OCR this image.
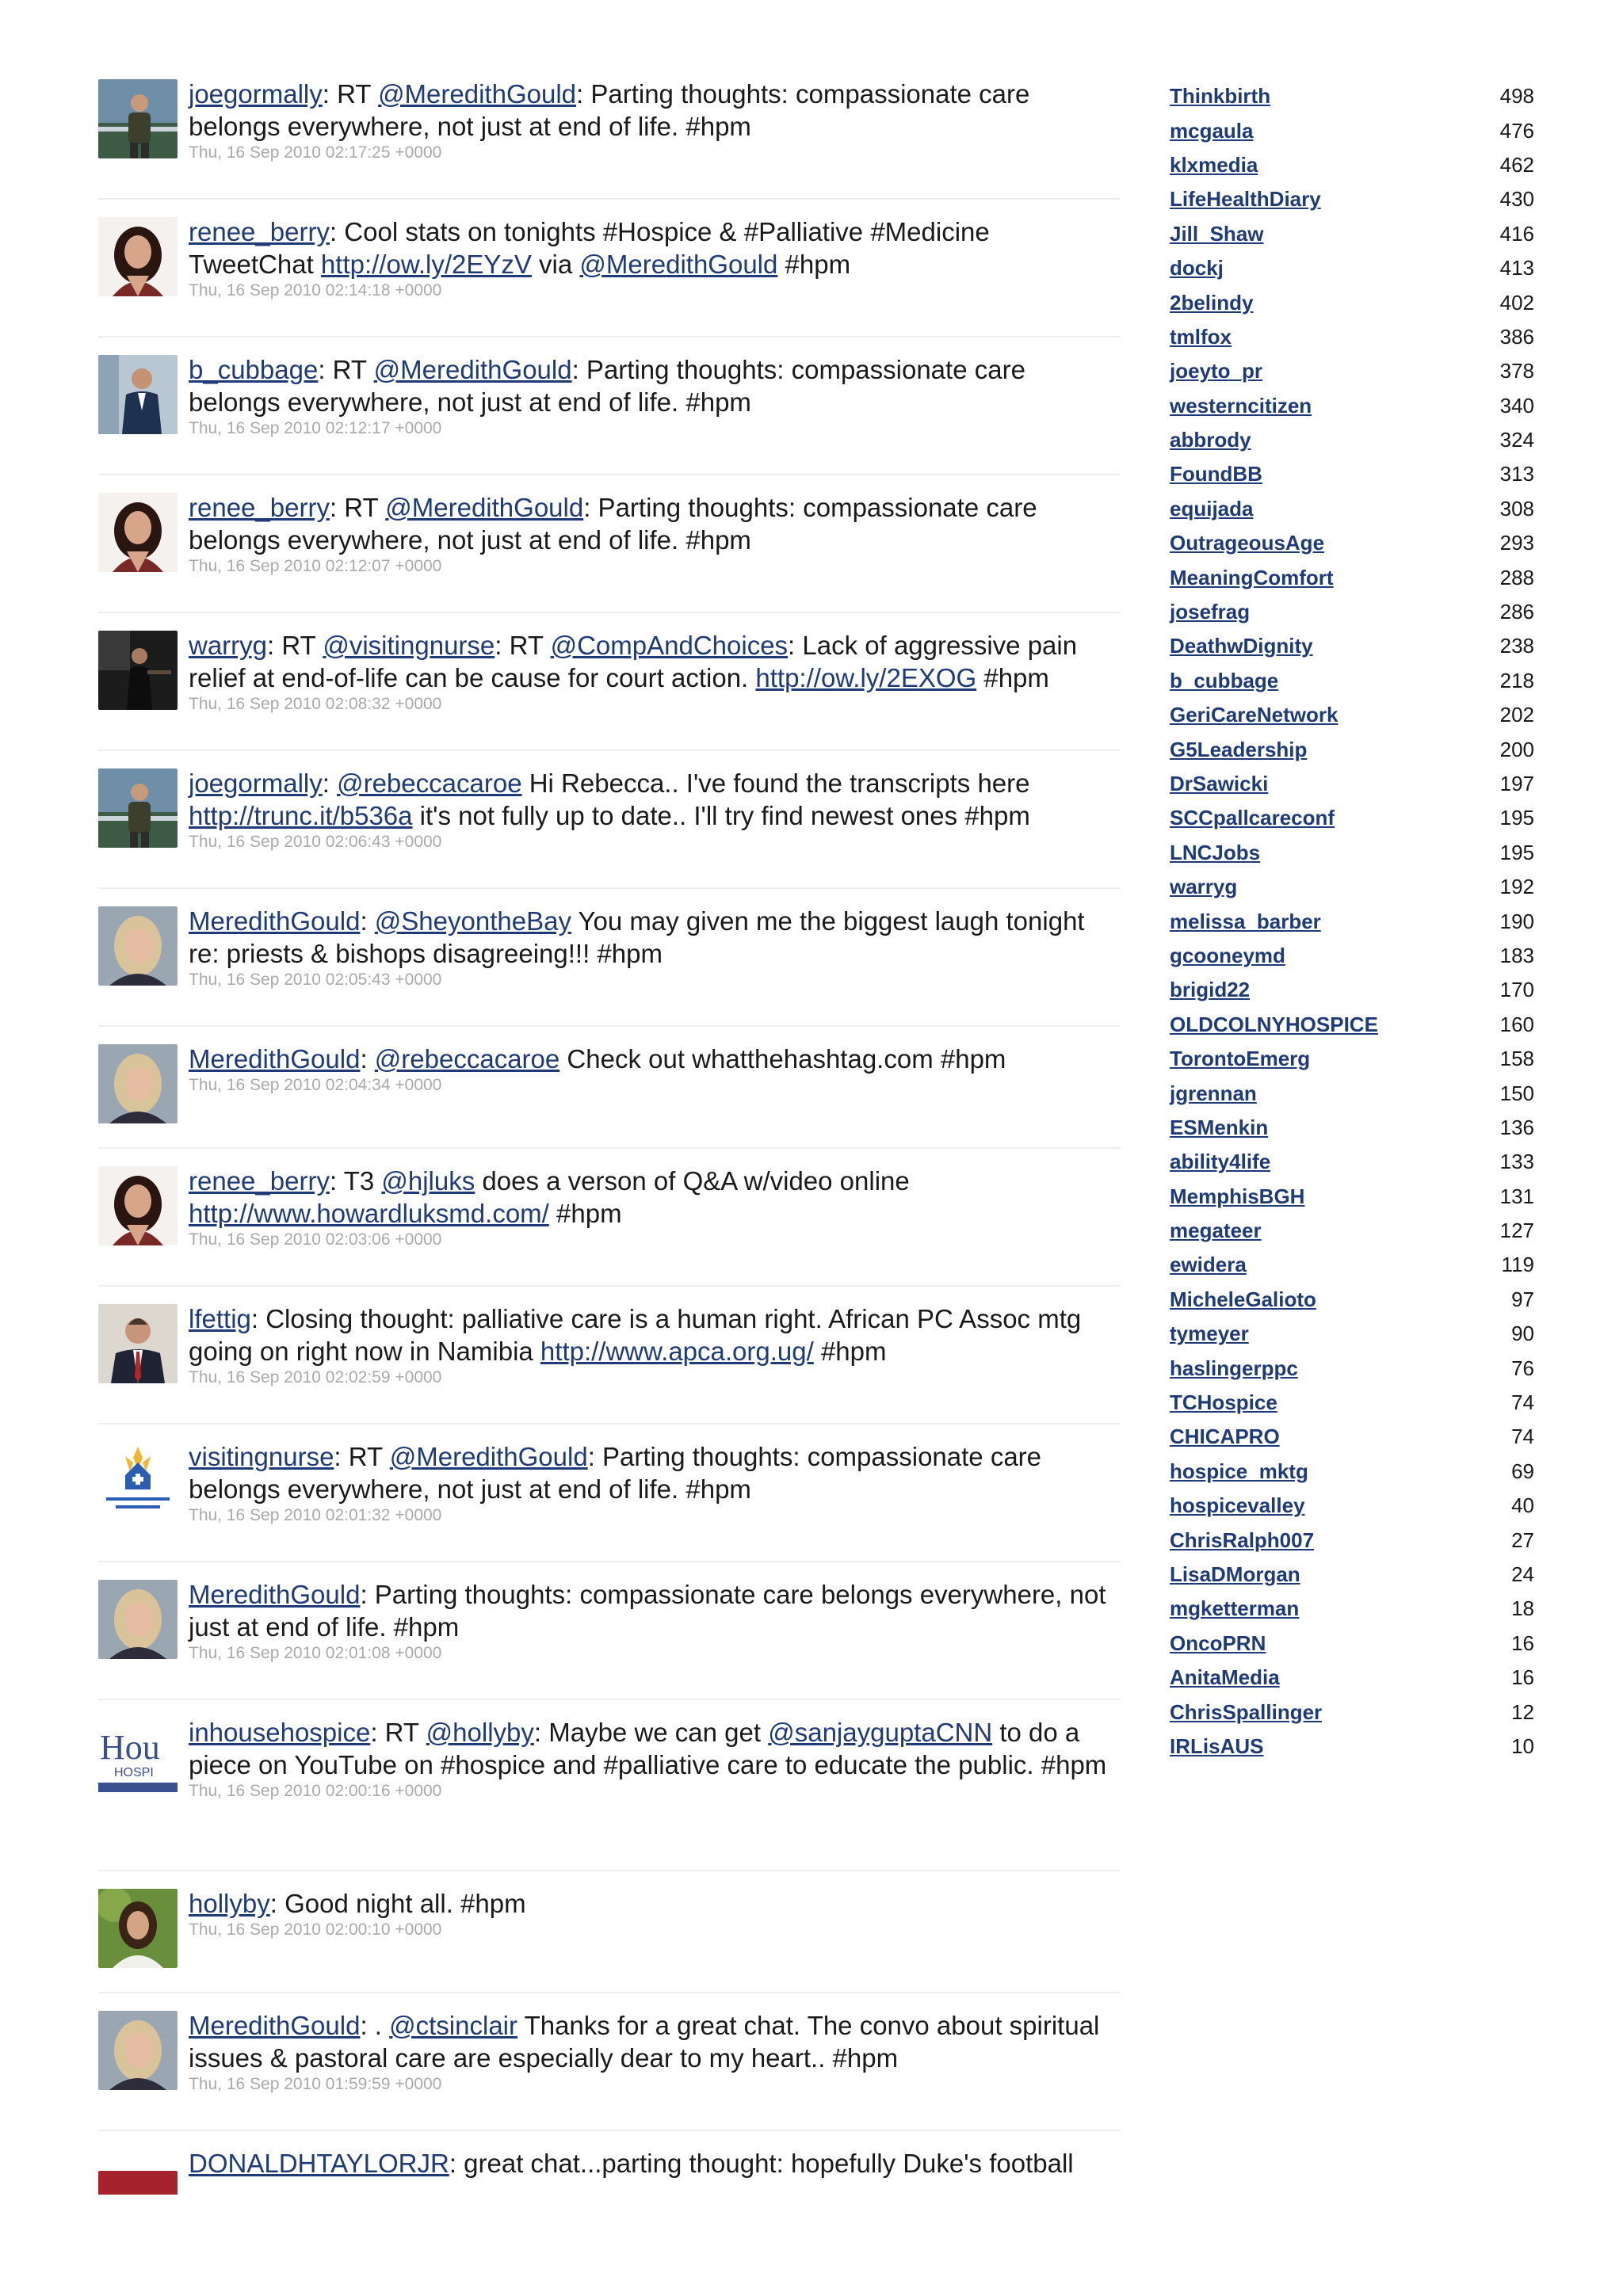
joegormally: RT @MeredithGould: Parting thoughts: compassionate care belongs everywhere, not just at end of life. #hpm
Thu, 16 Sep 2010 02:17:25 +0000
renee_berry: Cool stats on tonights #Hospice & #Palliative #Medicine TweetChat http://ow.ly/2EYzV via @MeredithGould #hpm
Thu, 16 Sep 2010 02:14:18 +0000
b_cubbage: RT @MeredithGould: Parting thoughts: compassionate care belongs everywhere, not just at end of life. #hpm
Thu, 16 Sep 2010 02:12:17 +0000
renee_berry: RT @MeredithGould: Parting thoughts: compassionate care belongs everywhere, not just at end of life. #hpm
Thu, 16 Sep 2010 02:12:07 +0000
warryg: RT @visitingnurse: RT @CompAndChoices: Lack of aggressive pain relief at end-of-life can be cause for court action. http://ow.ly/2EXOG #hpm
Thu, 16 Sep 2010 02:08:32 +0000
joegormally: @rebeccacaroe Hi Rebecca.. I've found the transcripts here http://trunc.it/b536a it's not fully up to date.. I'll try find newest ones #hpm
Thu, 16 Sep 2010 02:06:43 +0000
MeredithGould: @SheyontheBay You may given me the biggest laugh tonight re: priests & bishops disagreeing!!! #hpm
Thu, 16 Sep 2010 02:05:43 +0000
MeredithGould: @rebeccacaroe Check out whatthehashtag.com #hpm
Thu, 16 Sep 2010 02:04:34 +0000
renee_berry: T3 @hjluks does a verson of Q&A w/video online http://www.howardluksmd.com/ #hpm
Thu, 16 Sep 2010 02:03:06 +0000
lfettig: Closing thought: palliative care is a human right. African PC Assoc mtg going on right now in Namibia http://www.apca.org.ug/ #hpm
Thu, 16 Sep 2010 02:02:59 +0000
visitingnurse: RT @MeredithGould: Parting thoughts: compassionate care belongs everywhere, not just at end of life. #hpm
Thu, 16 Sep 2010 02:01:32 +0000
MeredithGould: Parting thoughts: compassionate care belongs everywhere, not just at end of life. #hpm
Thu, 16 Sep 2010 02:01:08 +0000
Hou
HOSPI
inhousehospice: RT @hollyby: Maybe we can get @sanjayguptaCNN to do a piece on YouTube on #hospice and #palliative care to educate the public. #hpm
Thu, 16 Sep 2010 02:00:16 +0000
hollyby: Good night all. #hpm
Thu, 16 Sep 2010 02:00:10 +0000
MeredithGould: . @ctsinclair Thanks for a great chat. The convo about spiritual issues & pastoral care are especially dear to my heart.. #hpm
Thu, 16 Sep 2010 01:59:59 +0000
DONALDHTAYLORJR: great chat...parting thought: hopefully Duke's football
Thinkbirth	498
mcgaula	476
klxmedia	462
LifeHealthDiary	430
Jill_Shaw	416
dockj	413
2belindy	402
tmlfox	386
joeyto_pr	378
westerncitizen	340
abbrody	324
FoundBB	313
equijada	308
OutrageousAge	293
MeaningComfort	288
josefrag	286
DeathwDignity	238
b_cubbage	218
GeriCareNetwork	202
G5Leadership	200
DrSawicki	197
SCCpallcareconf	195
LNCJobs	195
warryg	192
melissa_barber	190
gcooneymd	183
brigid22	170
OLDCOLNYHOSPICE	160
TorontoEmerg	158
jgrennan	150
ESMenkin	136
ability4life	133
MemphisBGH	131
megateer	127
ewidera	119
MicheleGalioto	97
tymeyer	90
haslingerppc	76
TCHospice	74
CHICAPRO	74
hospice_mktg	69
hospicevalley	40
ChrisRalph007	27
LisaDMorgan	24
mgketterman	18
OncoPRN	16
AnitaMedia	16
ChrisSpallinger	12
IRLisAUS	10
